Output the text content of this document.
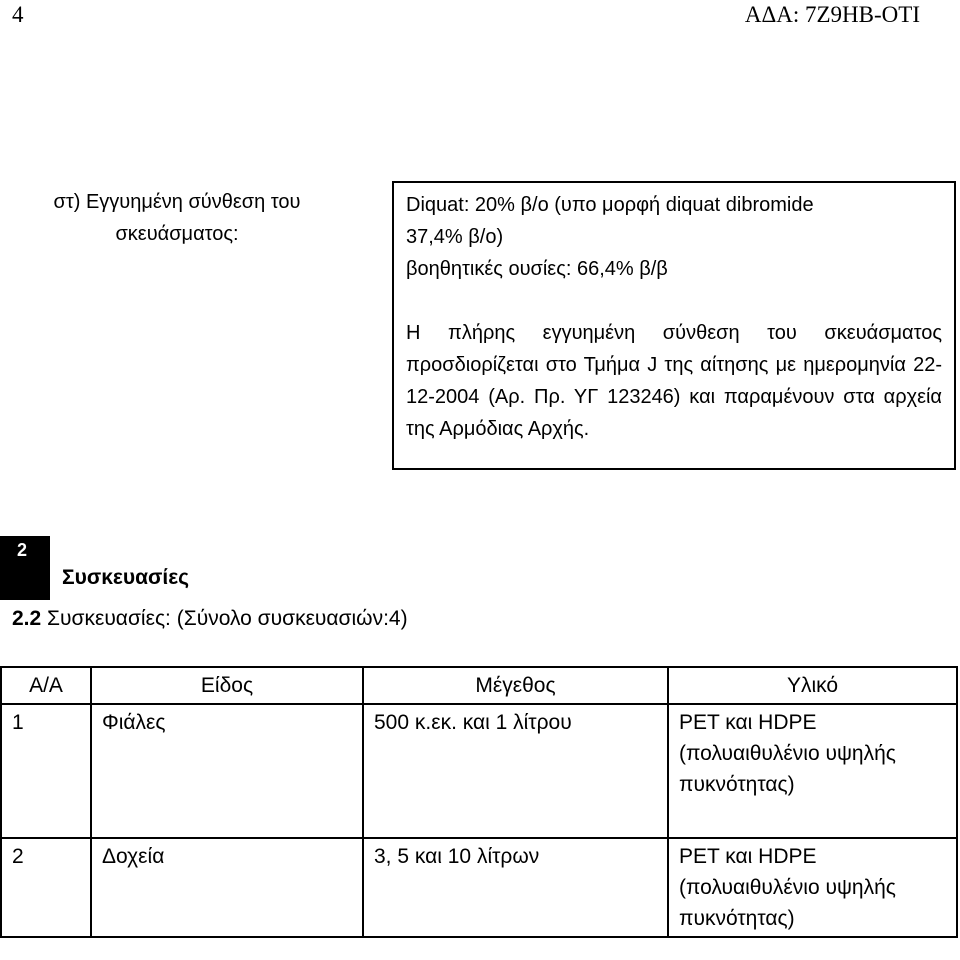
4	ΑΔΑ: 7Ζ9ΗΒ-ΟΤΙ
στ) Εγγυημένη σύνθεση του
σκευάσματος:

Diquat: 20% β/ο (υπο μορφή diquat dibromide

37,4% β/ο)

βοηθητικές ουσίες: 66,4% β/β

Η πλήρης εγγυημένη σύνθεση του σκευάσματος προσδιορίζεται στο Τμήμα J της αίτησης με ημερομηνία 22-12-2004 (Αρ. Πρ. ΥΓ 123246) και παραμένουν στα αρχεία της Αρμόδιας Αρχής.

2
Συσκευασίες
2.2 Συσκευασίες: (Σύνολο συσκευασιών:4)
Α/Α	Είδος	Μέγεθος	Υλικό
1	Φιάλες	500 κ.εκ. και 1 λίτρου	PET και HDPE
(πολυαιθυλένιο υψηλής
πυκνότητας)

2	Δοχεία	3, 5 και 10 λίτρων	PET και HDPE
(πολυαιθυλένιο υψηλής
πυκνότητας)
